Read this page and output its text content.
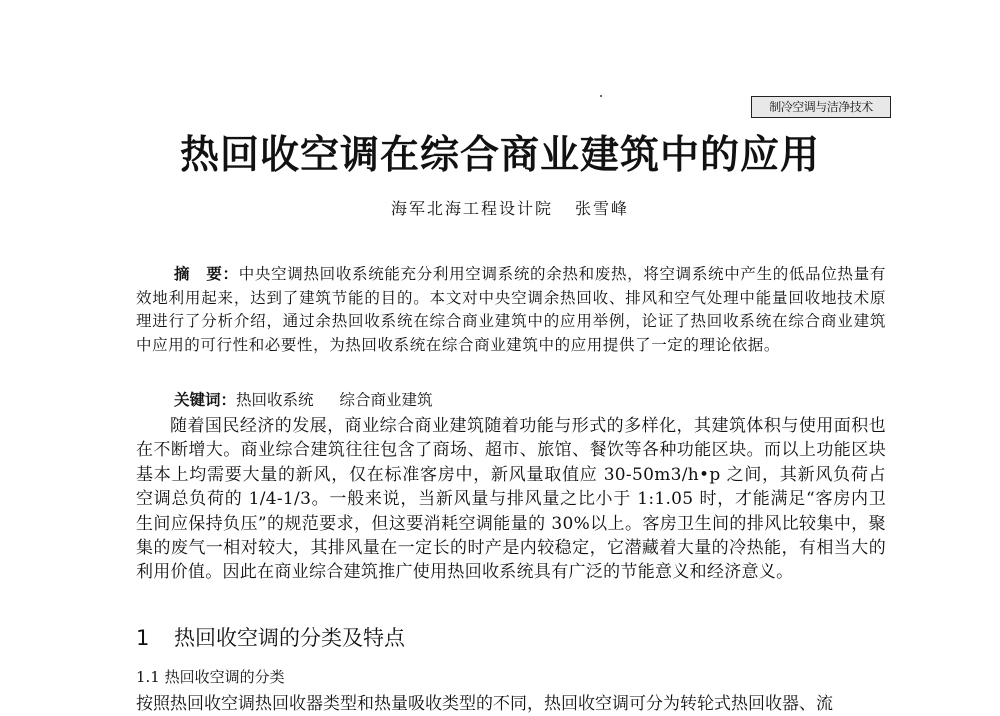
制冷空调与洁净技术
热回收空调在综合商业建筑中的应用
海军北海工程设计院 张雪峰
摘　要：中央空调热回收系统能充分利用空调系统的余热和废热，将空调系统中产生的低品位热量有效地利用起来，达到了建筑节能的目的。本文对中央空调余热回收、排风和空气处理中能量回收地技术原理进行了分析介绍，通过余热回收系统在综合商业建筑中的应用举例，论证了热回收系统在综合商业建筑中应用的可行性和必要性，为热回收系统在综合商业建筑中的应用提供了一定的理论依据。
关键词：热回收系统 综合商业建筑
随着国民经济的发展，商业综合商业建筑随着功能与形式的多样化，其建筑体积与使用面积也在不断增大。商业综合建筑往往包含了商场、超市、旅馆、餐饮等各种功能区块。而以上功能区块基本上均需要大量的新风，仅在标准客房中，新风量取值应 30-50m3/h•p 之间，其新风负荷占空调总负荷的 1/4-1/3。一般来说，当新风量与排风量之比小于 1:1.05 时，才能满足“客房内卫生间应保持负压”的规范要求，但这要消耗空调能量的 30%以上。客房卫生间的排风比较集中，聚集的废气一相对较大，其排风量在一定长的时产是内较稳定，它潜藏着大量的冷热能，有相当大的利用价值。因此在商业综合建筑推广使用热回收系统具有广泛的节能意义和经济意义。
1 热回收空调的分类及特点
1.1 热回收空调的分类
按照热回收空调热回收器类型和热量吸收类型的不同，热回收空调可分为转轮式热回收器、流
